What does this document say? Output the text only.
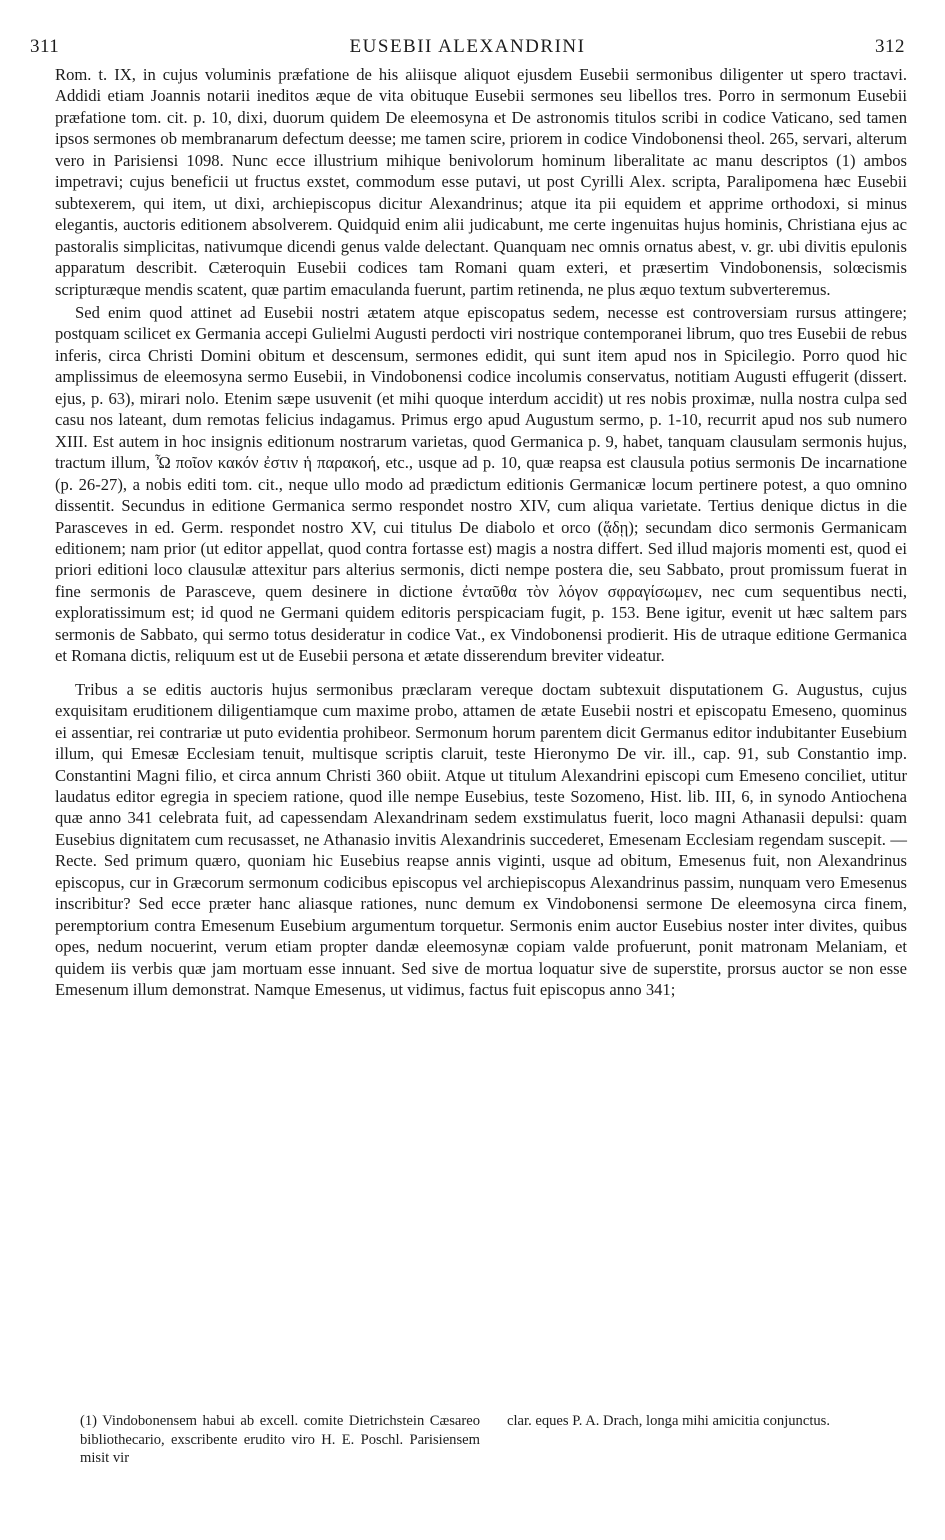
311	EUSEBII ALEXANDRINI	312

Rom. t. IX, in cujus voluminis præfatione de his aliisque aliquot ejusdem Eusebii sermonibus diligenter ut spero tractavi. Addidi etiam Joannis notarii ineditos æque de vita obituque Eusebii sermones seu libellos tres. Porro in sermonum Eusebii præfatione tom. cit. p. 10, dixi, duorum quidem De eleemosyna et De astronomis titulos scribi in codice Vaticano, sed tamen ipsos sermones ob membranarum defectum deesse; me tamen scire, priorem in codice Vindobonensi theol. 265, servari, alterum vero in Parisiensi 1098. Nunc ecce illustrium mihique benivolorum hominum liberalitate ac manu descriptos (1) ambos impetravi; cujus beneficii ut fructus exstet, commodum esse putavi, ut post Cyrilli Alex. scripta, Paralipomena hæc Eusebii subtexerem, qui item, ut dixi, archiepiscopus dicitur Alexandrinus; atque ita pii equidem et apprime orthodoxi, si minus elegantis, auctoris editionem absolverem. Quidquid enim alii judicabunt, me certe ingenuitas hujus hominis, Christiana ejus ac pastoralis simplicitas, nativumque dicendi genus valde delectant. Quanquam nec omnis ornatus abest, v. gr. ubi divitis epulonis apparatum describit. Cæteroquin Eusebii codices tam Romani quam exteri, et præsertim Vindobonensis, solœcismis scripturæque mendis scatent, quæ partim emaculanda fuerunt, partim retinenda, ne plus æquo textum subverteremus.

Sed enim quod attinet ad Eusebii nostri ætatem atque episcopatus sedem, necesse est controversiam rursus attingere; postquam scilicet ex Germania accepi Gulielmi Augusti perdocti viri nostrique contemporanei librum, quo tres Eusebii de rebus inferis, circa Christi Domini obitum et descensum, sermones edidit, qui sunt item apud nos in Spicilegio. Porro quod hic amplissimus de eleemosyna sermo Eusebii, in Vindobonensi codice incolumis conservatus, notitiam Augusti effugerit (dissert. ejus, p. 63), mirari nolo. Etenim sæpe usuvenit (et mihi quoque interdum accidit) ut res nobis proximæ, nulla nostra culpa sed casu nos lateant, dum remotas felicius indagamus. Primus ergo apud Augustum sermo, p. 1-10, recurrit apud nos sub numero XIII. Est autem in hoc insignis editionum nostrarum varietas, quod Germanica p. 9, habet, tanquam clausulam sermonis hujus, tractum illum, Ὦ ποῖον κακόν ἐστιν ἡ παρακοή, etc., usque ad p. 10, quæ reapsa est clausula potius sermonis De incarnatione (p. 26-27), a nobis editi tom. cit., neque ullo modo ad prædictum editionis Germanicæ locum pertinere potest, a quo omnino dissentit. Secundus in editione Germanica sermo respondet nostro XIV, cum aliqua varietate. Tertius denique dictus in die Parasceves in ed. Germ. respondet nostro XV, cui titulus De diabolo et orco (ᾅδῃ); secundam dico sermonis Germanicam editionem; nam prior (ut editor appellat, quod contra fortasse est) magis a nostra differt. Sed illud majoris momenti est, quod ei priori editioni loco clausulæ attexitur pars alterius sermonis, dicti nempe postera die, seu Sabbato, prout promissum fuerat in fine sermonis de Parasceve, quem desinere in dictione ἐνταῦθα τὸν λόγον σφραγίσωμεν, nec cum sequentibus necti, exploratissimum est; id quod ne Germani quidem editoris perspicaciam fugit, p. 153. Bene igitur, evenit ut hæc saltem pars sermonis de Sabbato, qui sermo totus desideratur in codice Vat., ex Vindobonensi prodierit. His de utraque editione Germanica et Romana dictis, reliquum est ut de Eusebii persona et ætate disserendum breviter videatur.

Tribus a se editis auctoris hujus sermonibus præclaram vereque doctam subtexuit disputationem G. Augustus, cujus exquisitam eruditionem diligentiamque cum maxime probo, attamen de ætate Eusebii nostri et episcopatu Emeseno, quominus ei assentiar, rei contrariæ ut puto evidentia prohibeor. Sermonum horum parentem dicit Germanus editor indubitanter Eusebium illum, qui Emesæ Ecclesiam tenuit, multisque scriptis claruit, teste Hieronymo De vir. ill., cap. 91, sub Constantio imp. Constantini Magni filio, et circa annum Christi 360 obiit. Atque ut titulum Alexandrini episcopi cum Emeseno conciliet, utitur laudatus editor egregia in speciem ratione, quod ille nempe Eusebius, teste Sozomeno, Hist. lib. III, 6, in synodo Antiochena quæ anno 341 celebrata fuit, ad capessendam Alexandrinam sedem exstimulatus fuerit, loco magni Athanasii depulsi: quam Eusebius dignitatem cum recusasset, ne Athanasio invitis Alexandrinis succederet, Emesenam Ecclesiam regendam suscepit. — Recte. Sed primum quæro, quoniam hic Eusebius reapse annis viginti, usque ad obitum, Emesenus fuit, non Alexandrinus episcopus, cur in Græcorum sermonum codicibus episcopus vel archiepiscopus Alexandrinus passim, nunquam vero Emesenus inscribitur? Sed ecce præter hanc aliasque rationes, nunc demum ex Vindobonensi sermone De eleemosyna circa finem, peremptorium contra Emesenum Eusebium argumentum torquetur. Sermonis enim auctor Eusebius noster inter divites, quibus opes, nedum nocuerint, verum etiam propter dandæ eleemosynæ copiam valde profuerunt, ponit matronam Melaniam, et quidem iis verbis quæ jam mortuam esse innuant. Sed sive de mortua loquatur sive de superstite, prorsus auctor se non esse Emesenum illum demonstrat. Namque Emesenus, ut vidimus, factus fuit episcopus anno 341;

(1) Vindobonensem habui ab excell. comite Dietrichstein Cæsareo bibliothecario, exscribente erudito viro H. E. Poschl. Parisiensem misit vir

clar. eques P. A. Drach, longa mihi amicitia conjunctus.
